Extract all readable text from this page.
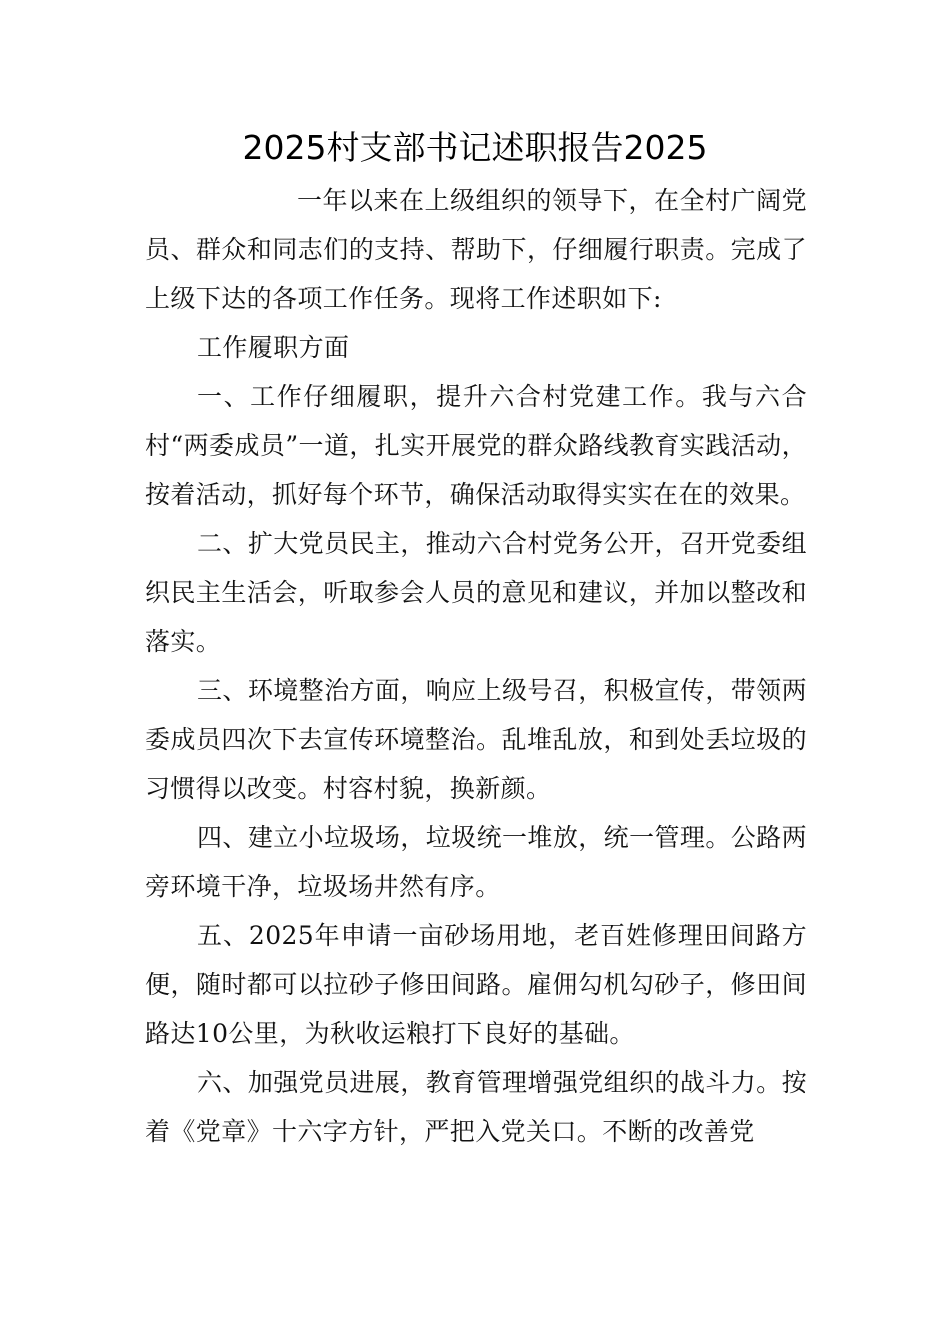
2025村支部书记述职报告2025

一年以来在上级组织的领导下，在全村广阔党员、群众和同志们的支持、帮助下，仔细履行职责。完成了上级下达的各项工作任务。现将工作述职如下:

工作履职方面

一、工作仔细履职，提升六合村党建工作。我与六合村“两委成员”一道，扎实开展党的群众路线教育实践活动，按着活动，抓好每个环节，确保活动取得实实在在的效果。

二、扩大党员民主，推动六合村党务公开，召开党委组织民主生活会，听取参会人员的意见和建议，并加以整改和落实。

三、环境整治方面，响应上级号召，积极宣传，带领两委成员四次下去宣传环境整治。乱堆乱放，和到处丢垃圾的习惯得以改变。村容村貌，换新颜。

四、建立小垃圾场，垃圾统一堆放，统一管理。公路两旁环境干净，垃圾场井然有序。

五、2025年申请一亩砂场用地，老百姓修理田间路方便，随时都可以拉砂子修田间路。雇佣勾机勾砂子，修田间路达10公里，为秋收运粮打下良好的基础。

六、加强党员进展，教育管理增强党组织的战斗力。按着《党章》十六字方针，严把入党关口。不断的改善党
